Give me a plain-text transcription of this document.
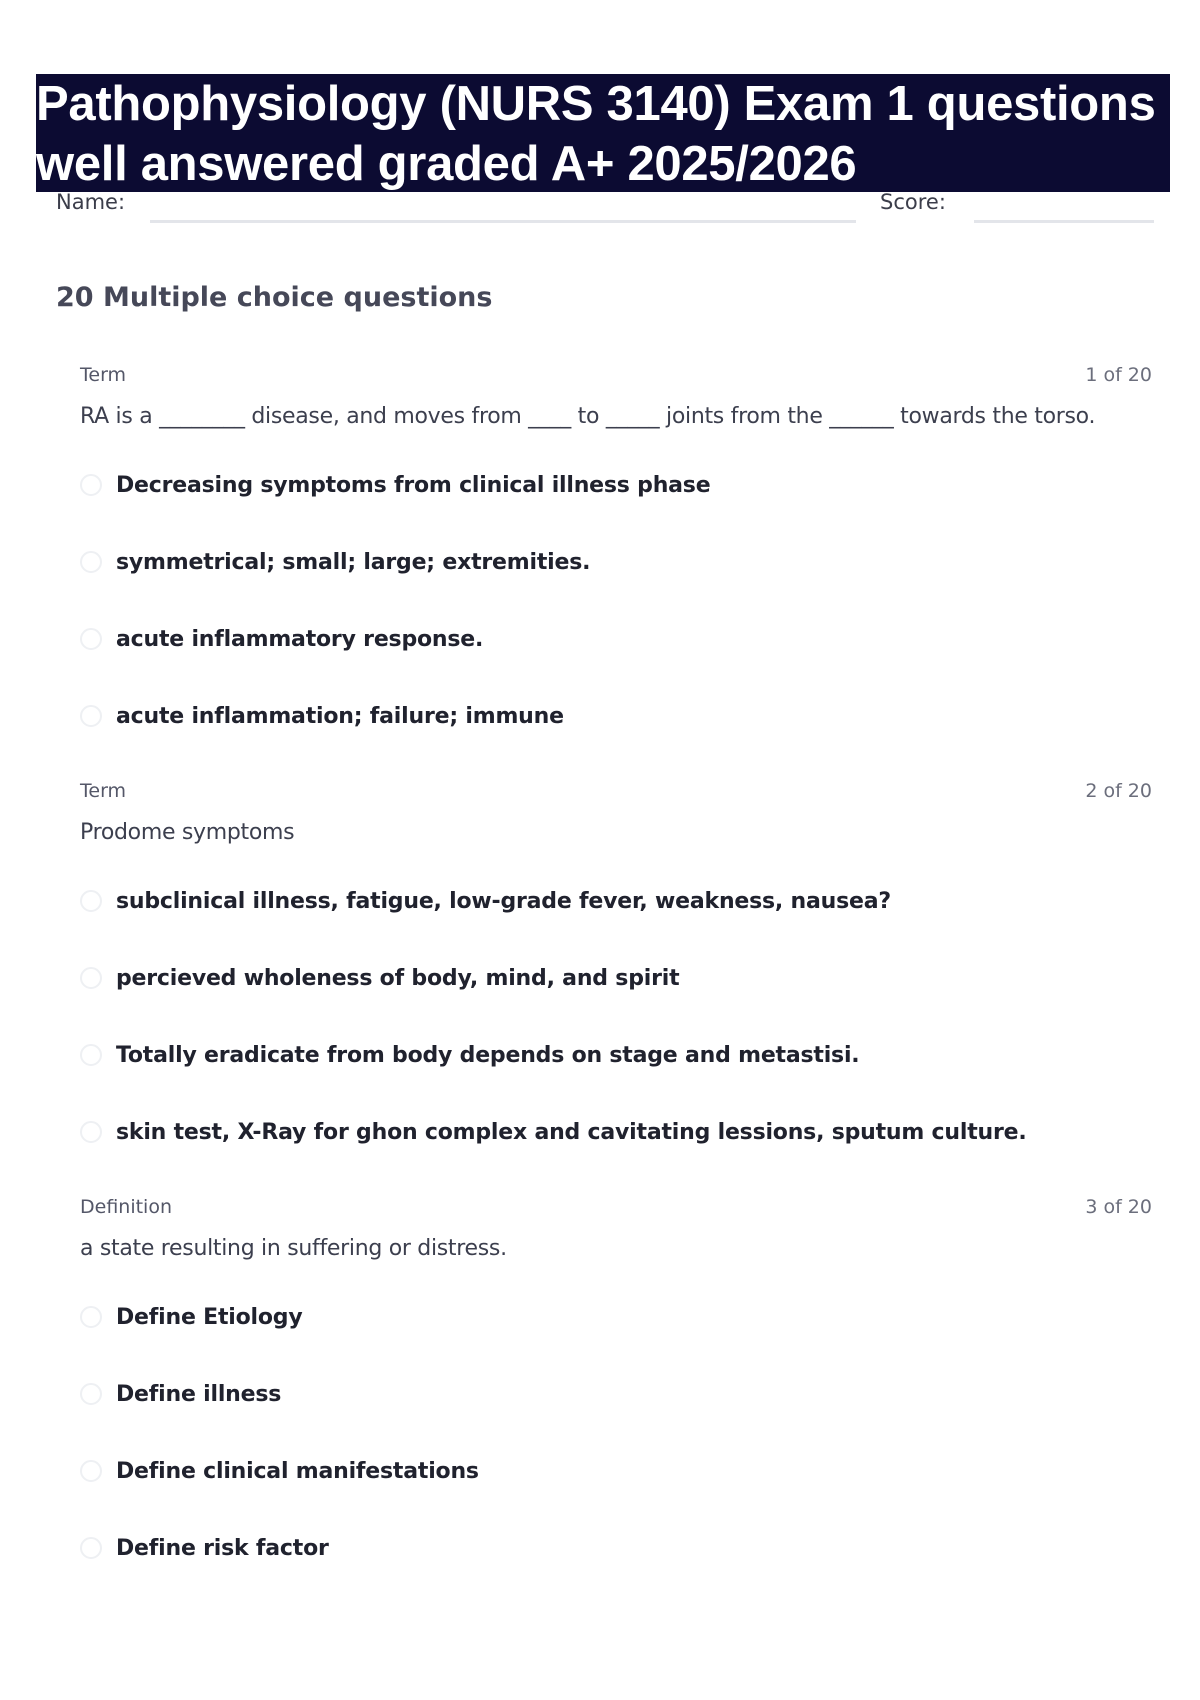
Pathophysiology (NURS 3140) Exam 1 questions
well answered graded A+ 2025/2026
Name:	Score:
20 Multiple choice questions
Term	1 of 20
RA is a ________ disease, and moves from ____ to _____ joints from the ______ towards the torso.
Decreasing symptoms from clinical illness phase
symmetrical; small; large; extremities.
acute inflammatory response.
acute inflammation; failure; immune
Term	2 of 20
Prodome symptoms
subclinical illness, fatigue, low-grade fever, weakness, nausea?
percieved wholeness of body, mind, and spirit
Totally eradicate from body depends on stage and metastisi.
skin test, X-Ray for ghon complex and cavitating lessions, sputum culture.
Definition	3 of 20
a state resulting in suffering or distress.
Define Etiology
Define illness
Define clinical manifestations
Define risk factor
